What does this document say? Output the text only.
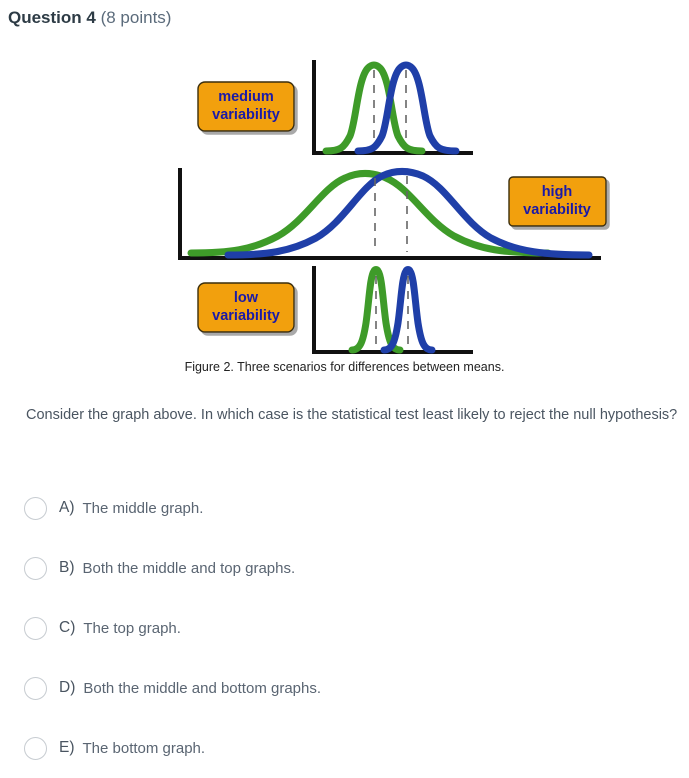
Question 4 (8 points)
medium
variability
high
variability
low
variability
Figure 2. Three scenarios for differences between means.
Consider the graph above. In which case is the statistical test least likely to reject the null hypothesis?
A) The middle graph.
B) Both the middle and top graphs.
C) The top graph.
D) Both the middle and bottom graphs.
E) The bottom graph.
